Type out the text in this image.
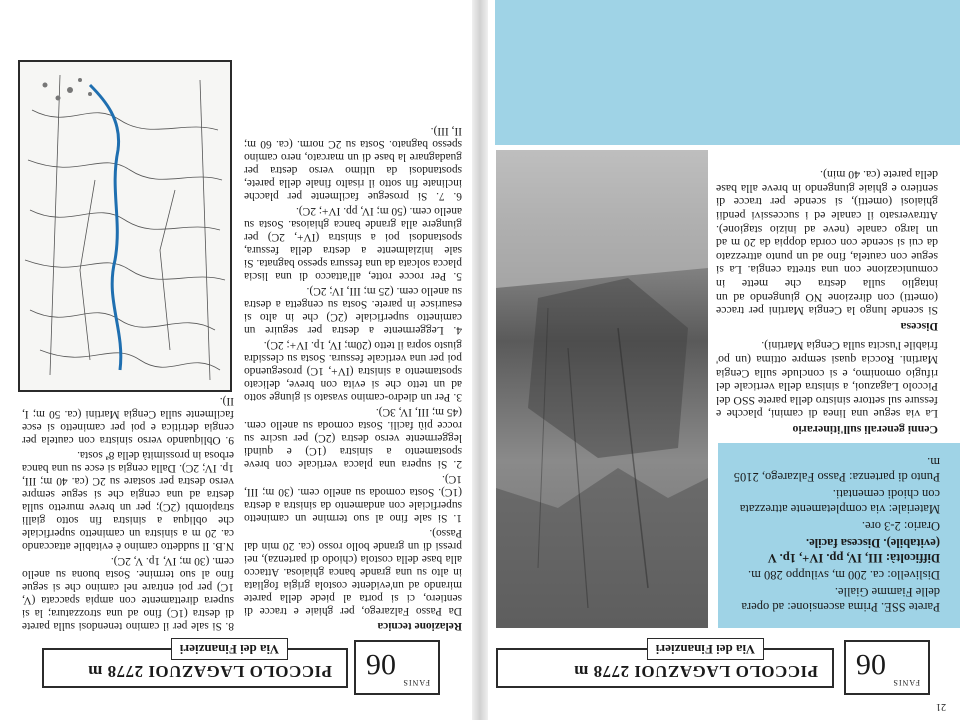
21
FANIS
06
PICCOLO LAGAZUOI 2778 m
Via dei Finanzieri

Parete SSE. Prima ascensione: ad opera delle Fiamme Gialle.

Dislivello: ca. 200 m, sviluppo 280 m.

Difficoltà: III, IV, pp. IV+, 1p. V (evitabile). Discesa facile.

Orario: 2-3 ore.

Materiale: via completamente attrezzata con chiodi cementati.

Punto di partenza: Passo Falzarego, 2105 m.

Cenni generali sull'itinerario

La via segue una linea di camini, placche e fessure sul settore sinistro della parete SSO del Piccolo Lagazuoi, a sinistra della verticale del rifugio omonimo, e si conclude sulla Cengia Martini. Roccia quasi sempre ottima (un po' friabile l'uscita sulla Cengia Martini).

Discesa

Si scende lungo la Cengia Martini per tracce (ometti) con direzione NO giungendo ad un intaglio sulla destra che mette in comunicazione con una stretta cengia. La si segue con cautela, fino ad un punto attrezzato da cui si scende con corda doppia da 20 m ad un largo canale (neve ad inizio stagione). Attraversato il canale ed i successivi pendii ghiaiosi (ometti), si scende per tracce di sentiero e ghiaie giungendo in breve alla base della parete (ca. 40 min).

FANIS
06
PICCOLO LAGAZUOI 2778 m
Via dei Finanzieri

Relazione tecnica

Da Passo Falzarego, per ghiaie e tracce di sentiero, ci si porta al piede della parete mirando ad un'evidente costola grigia fogliata in alto su una grande banca ghiaiosa. Attacco alla base della costola (chiodo di partenza), nei pressi di un grande bollo rosso (ca. 20 min dal Passo).

1. Si sale fino al suo termine un caminetto superficiale con andamento da sinistra a destra (1C). Sosta comoda su anello cem. (30 m; III, 1C).

2. Si supera una placca verticale con breve spostamento a sinistra (1C) e quindi leggermente verso destra (2C) per uscire su rocce più facili. Sosta comoda su anello cem. (45 m; III, IV, 3C).

3. Per un diedro-camino svasato si giunge sotto ad un tetto che si evita con breve, delicato spostamento a sinistra (IV+, 1C) proseguendo poi per una verticale fessura. Sosta su clessidra giusto sopra il tetto (20m; IV, 1p. IV+; 2C).

4. Leggermente a destra per seguire un caminetto superficiale (2C) che in alto si esaurisce in parete. Sosta su cengetta a destra su anello cem. (25 m; III, IV; 2C).

5. Per rocce rotte, all'attacco di una liscia placca solcata da una fessura spesso bagnata. Si sale inizialmente a destra della fessura, spostandosi poi a sinistra (IV+, 2C) per giungere alla grande banca ghiaiosa. Sosta su anello cem. (50 m; IV, pp. IV+; 2C).

6. 7. Si prosegue facilmente per placche inclinate fin sotto il risalto finale della parete, spostandosi da ultimo verso destra per guadagnare la base di un marcato, nero camino spesso bagnato. Sosta su 2C norm. (ca. 60 m; II, III).

8. Si sale per il camino tenendosi sulla parete di destra (1C) fino ad una strozzatura; la si supera direttamente con ampia spaccata (V, 1C) per poi entrare nel camino che si segue fino al suo termine. Sosta buona su anello cem. (30 m; IV, 1p. V, 2C).

N.B. Il suddetto camino è evitabile attaccando ca. 20 m a sinistra un caminetto superficiale che obliqua a sinistra fin sotto gialli strapiombi (2C); per un breve muretto sulla destra ad una cengia che si segue sempre verso destra per sostare su 2C (ca. 40 m; III, 1p. IV; 2C). Dalla cengia si esce su una banca erbosa in prossimità della 8ª sosta.

9. Obliquando verso sinistra con cautela per cengia detritica e poi per caminetto si esce facilmente sulla Cengia Martini (ca. 50 m; I, II).
